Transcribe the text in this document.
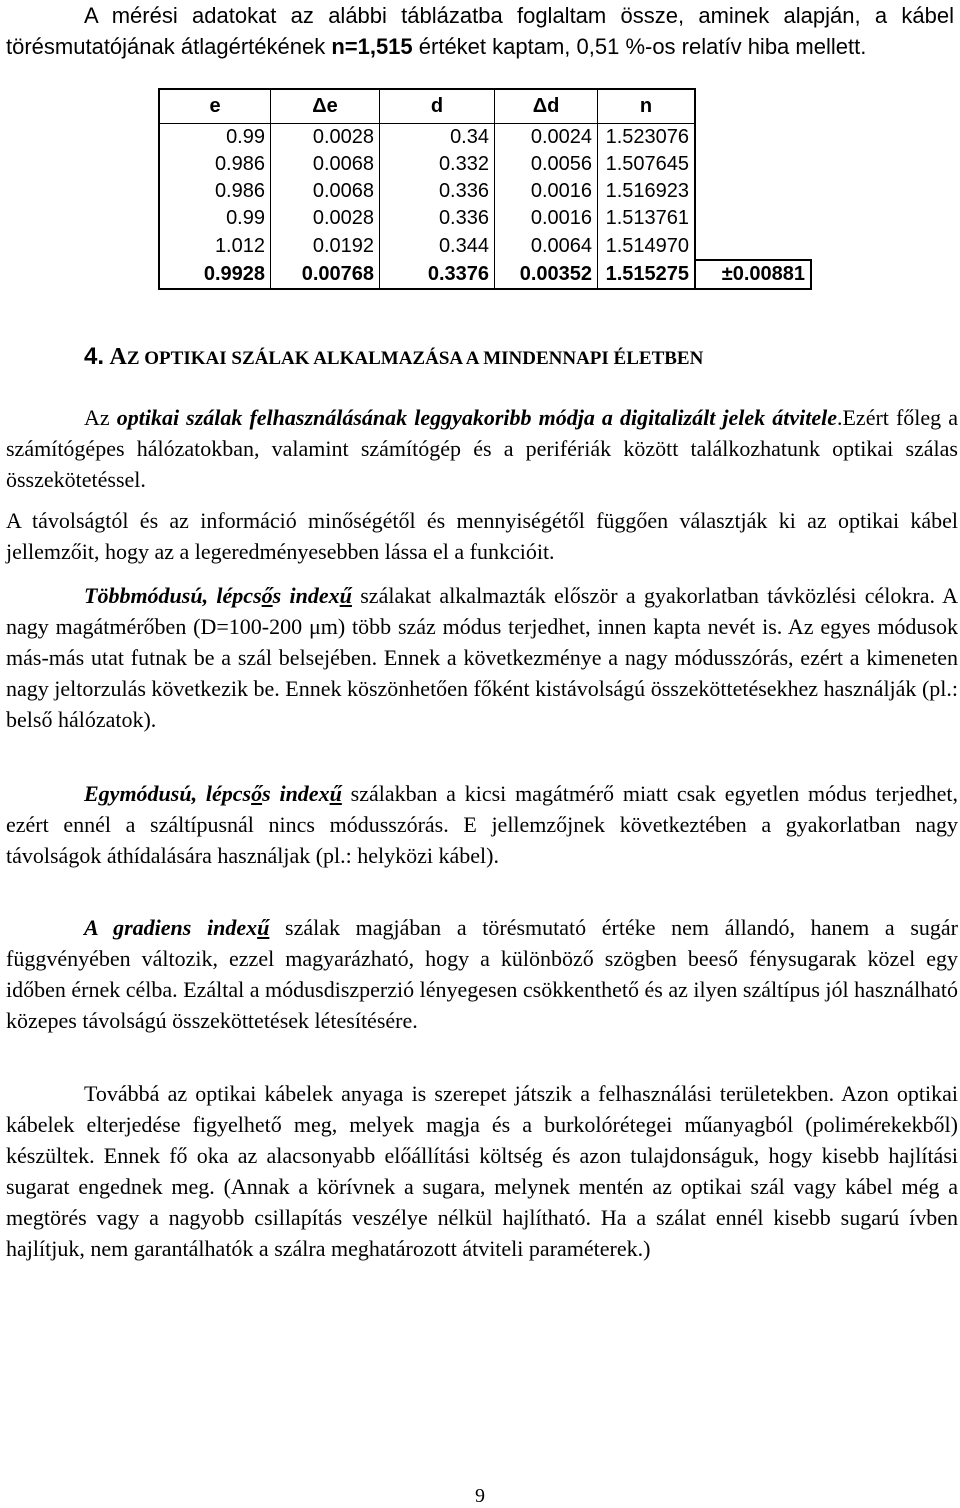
A mérési adatokat az alábbi táblázatba foglaltam össze, aminek alapján, a kábel törésmutatójának átlagértékének n=1,515 értéket kaptam, 0,51 %-os relatív hiba mellett.

e	Δe	d	Δd	n	
0.99	0.0028	0.34	0.0024	1.523076	
0.986	0.0068	0.332	0.0056	1.507645	
0.986	0.0068	0.336	0.0016	1.516923	
0.99	0.0028	0.336	0.0016	1.513761	
1.012	0.0192	0.344	0.0064	1.514970	
0.9928	0.00768	0.3376	0.00352	1.515275	±0.00881
4. AZ OPTIKAI SZÁLAK ALKALMAZÁSA A MINDENNAPI ÉLETBEN

Az optikai szálak felhasználásának leggyakoribb módja a digitalizált jelek átvitele.Ezért főleg a számítógépes hálózatokban, valamint számítógép és a perifériák között találkozhatunk optikai szálas összekötetéssel.

A távolságtól és az információ minőségétől és mennyiségétől függően választják ki az optikai kábel jellemzőit, hogy az a legeredményesebben lássa el a funkcióit.

Többmódusú, lépcsős indexű szálakat alkalmazták először a gyakorlatban távközlési célokra. A nagy magátmérőben (D=100-200 μm) több száz módus terjedhet, innen kapta nevét is. Az egyes módusok más-más utat futnak be a szál belsejében. Ennek a következménye a nagy módusszórás, ezért a kimeneten nagy jeltorzulás következik be. Ennek köszönhetően főként kistávolságú összeköttetésekhez használják (pl.: belső hálózatok).

Egymódusú, lépcsős indexű szálakban a kicsi magátmérő miatt csak egyetlen módus terjedhet, ezért ennél a száltípusnál nincs módusszórás. E jellemzőjnek következtében a gyakorlatban nagy távolságok áthídalására használjak (pl.: helyközi kábel).

A gradiens indexű szálak magjában a törésmutató értéke nem állandó, hanem a sugár függvényében változik, ezzel magyarázható, hogy a különböző szögben beeső fénysugarak közel egy időben érnek célba. Ezáltal a módusdiszperzió lényegesen csökkenthető és az ilyen száltípus jól használható közepes távolságú összeköttetések létesítésére.

Továbbá az optikai kábelek anyaga is szerepet játszik a felhasználási területekben. Azon optikai kábelek elterjedése figyelhető meg, melyek magja és a burkolórétegei műanyagból (polimérekekből) készültek. Ennek fő oka az alacsonyabb előállítási költség és azon tulajdonságuk, hogy kisebb hajlítási sugarat engednek meg. (Annak a körívnek a sugara, melynek mentén az optikai szál vagy kábel még a megtörés vagy a nagyobb csillapítás veszélye nélkül hajlítható. Ha a szálat ennél kisebb sugarú ívben hajlítjuk, nem garantálhatók a szálra meghatározott átviteli paraméterek.)

9
